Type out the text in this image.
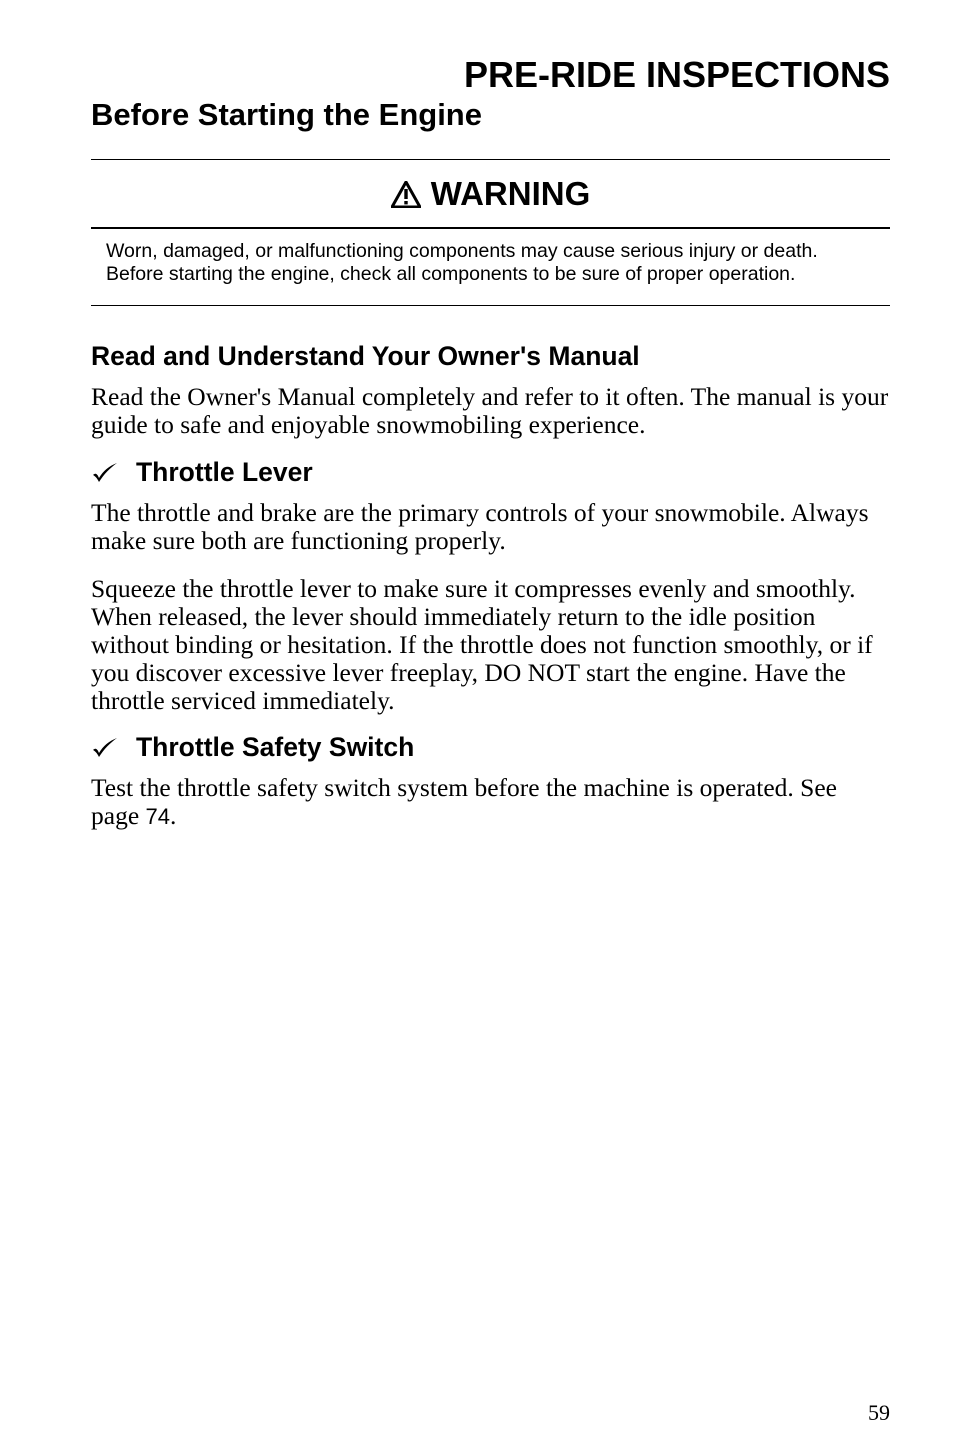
PRE-RIDE INSPECTIONS
Before Starting the Engine
WARNING

Worn, damaged, or malfunctioning components may cause serious injury or death. Before starting the engine, check all components to be sure of proper operation.

Read and Understand Your Owner's Manual

Read the Owner's Manual completely and refer to it often. The manual is your guide to safe and enjoyable snowmobiling experience.

Throttle Lever

The throttle and brake are the primary controls of your snowmobile. Always make sure both are functioning properly.

Squeeze the throttle lever to make sure it compresses evenly and smoothly. When released, the lever should immediately return to the idle position without binding or hesitation. If the throttle does not function smoothly, or if you discover excessive lever freeplay, DO NOT start the engine. Have the throttle serviced immediately.

Throttle Safety Switch

Test the throttle safety switch system before the machine is operated. See page 74.

59
